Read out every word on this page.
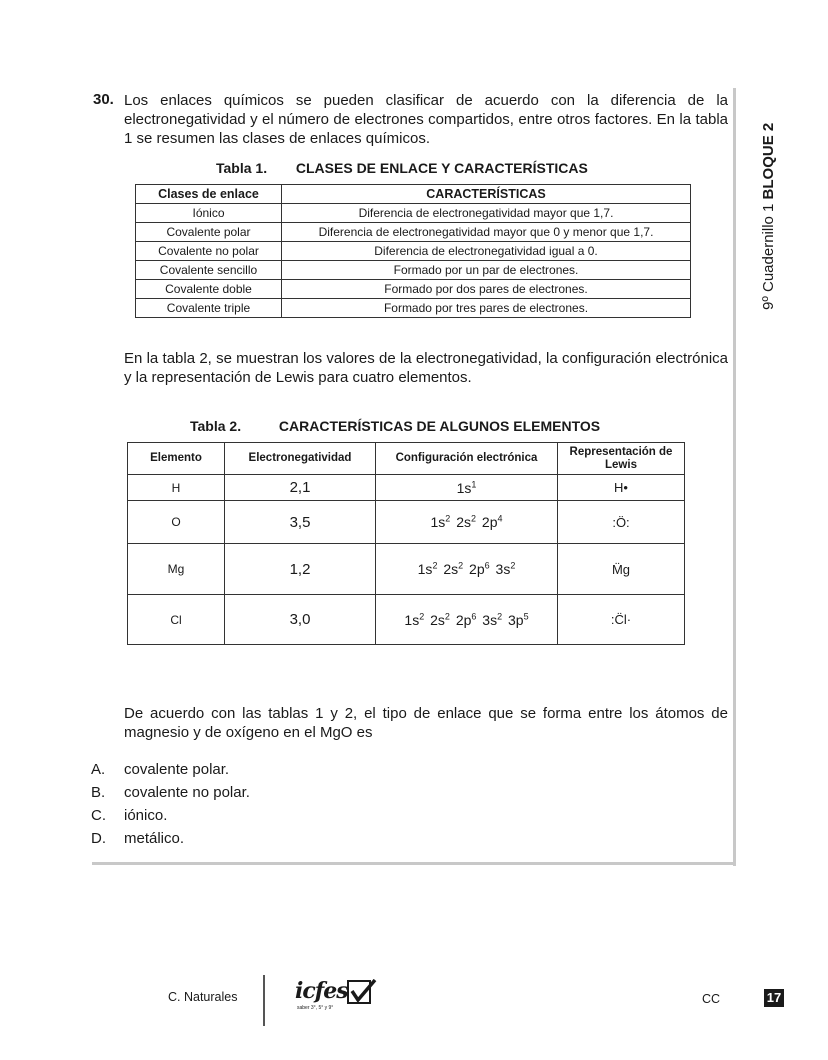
9º Cuadernillo 1 BLOQUE 2
30. Los enlaces químicos se pueden clasificar de acuerdo con la diferencia de la electronegatividad y el número de electrones compartidos, entre otros factores. En la tabla 1 se resumen las clases de enlaces químicos.
Tabla 1. CLASES DE ENLACE Y CARACTERÍSTICAS
Clases de enlace	CARACTERÍSTICAS
Iónico	Diferencia de electronegatividad mayor que 1,7.
Covalente polar	Diferencia de electronegatividad mayor que 0 y menor que 1,7.
Covalente no polar	Diferencia de electronegatividad igual a 0.
Covalente sencillo	Formado por un par de electrones.
Covalente doble	Formado por dos pares de electrones.
Covalente triple	Formado por tres pares de electrones.
En la tabla 2, se muestran los valores de la electronegatividad, la configuración electrónica y la representación de Lewis para cuatro elementos.
Tabla 2.	CARACTERÍSTICAS DE ALGUNOS ELEMENTOS
Elemento	Electronegatividad	Configuración electrónica	Representación de Lewis
H	2,1	$1s^1$	H•
O	3,5	$1s^2$ $2s^2$ $2p^4$	:Ö:
Mg	1,2	$1s^2$ $2s^2$ $2p^6$ $3s^2$	M̈g
Cl	3,0	$1s^2$ $2s^2$ $2p^6$ $3s^2$ $3p^5$	:C̈l·
De acuerdo con las tablas 1 y 2, el tipo de enlace que se forma entre los átomos de magnesio y de oxígeno en el MgO es
A. covalente polar.
B. covalente no polar.
C. iónico.
D. metálico.
C. Naturales	icfes
saber 3°, 5° y 9°
CC	17
